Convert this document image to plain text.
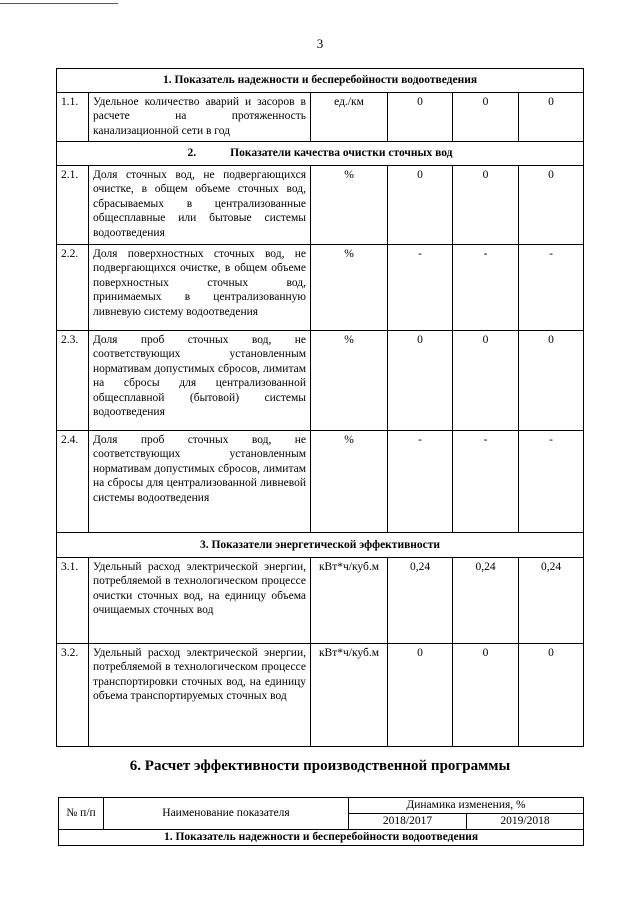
3
1. Показатель надежности и бесперебойности водоотведения					
1.1.	Удельное количество аварий и засоров в расчете на протяженность канализационной сети в год	ед./км	0	0	0
2. Показатели качества очистки сточных вод					
2.1.	Доля сточных вод, не подвергающихся очистке, в общем объеме сточных вод, сбрасываемых в централизованные общесплавные или бытовые системы водоотведения	%	0	0	0
2.2.	Доля поверхностных сточных вод, не подвергающихся очистке, в общем объеме поверхностных сточных вод, принимаемых в централизованную ливневую систему водоотведения	%	-	-	-
2.3.	Доля проб сточных вод, не соответствующих установленным нормативам допустимых сбросов, лимитам на сбросы для централизованной общесплавной (бытовой) системы водоотведения	%	0	0	0
2.4.	Доля проб сточных вод, не соответствующих установленным нормативам допустимых сбросов, лимитам на сбросы для централизованной ливневой системы водоотведения	%	-	-	-
3. Показатели энергетической эффективности					
3.1.	Удельный расход электрической энергии, потребляемой в технологическом процессе очистки сточных вод, на единицу объема очищаемых сточных вод	кВт*ч/куб.м	0,24	0,24	0,24
3.2.	Удельный расход электрической энергии, потребляемой в технологическом процессе транспортировки сточных вод, на единицу объема транспортируемых сточных вод	кВт*ч/куб.м	0	0	0
6. Расчет эффективности производственной программы
№ п/п	Наименование показателя	Динамика изменения, %	
		2018/2017	2019/2018
1. Показатель надежности и бесперебойности водоотведения			
